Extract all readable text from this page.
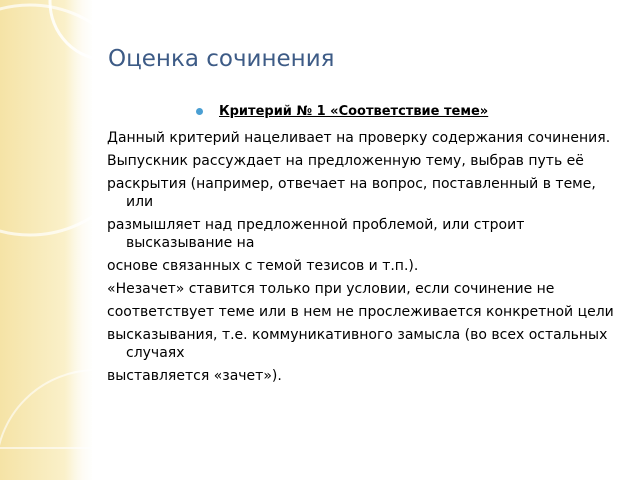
Оценка сочинения
Критерий № 1 «Соответствие теме»

Данный критерий нацеливает на проверку содержания сочинения.

Выпускник рассуждает на предложенную тему, выбрав путь её

раскрытия (например, отвечает на вопрос, поставленный в теме, или

размышляет над предложенной проблемой, или строит высказывание на

основе связанных с темой тезисов и т.п.).

«Незачет» ставится только при условии, если сочинение не

соответствует теме или в нем не прослеживается конкретной цели

высказывания, т.е. коммуникативного замысла (во всех остальных случаях

выставляется «зачет»).
